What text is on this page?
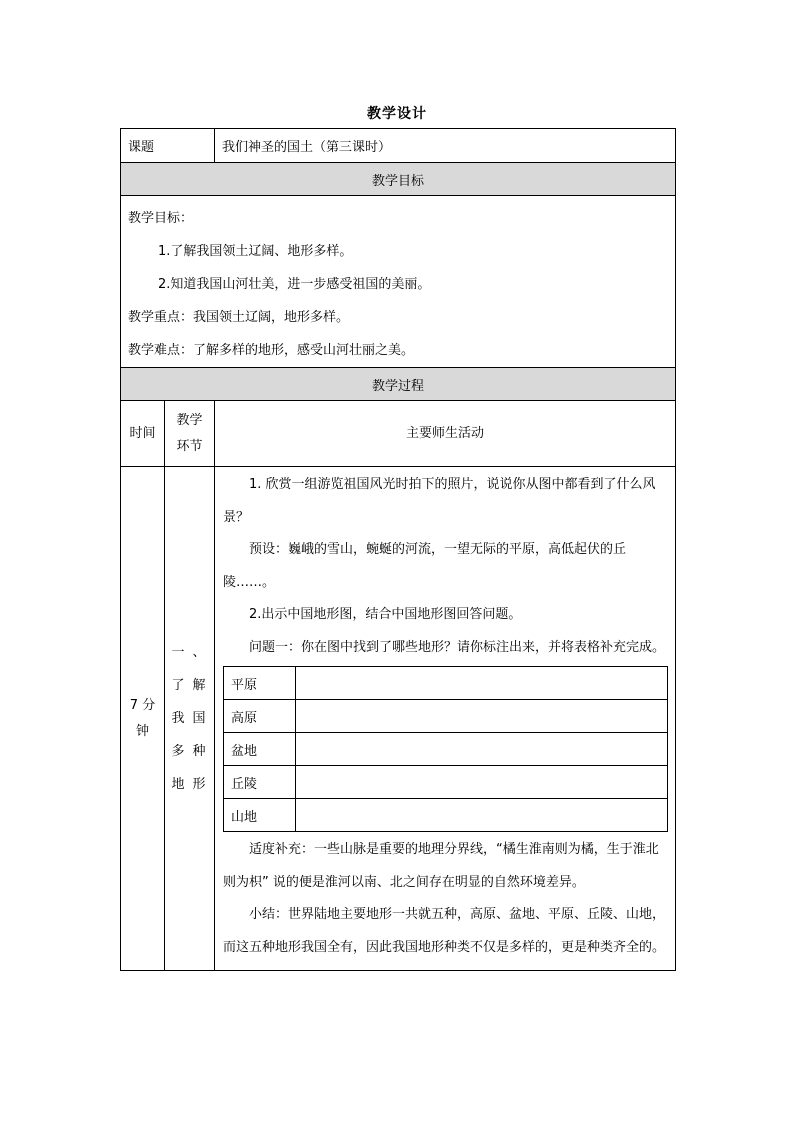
教学设计
课题	我们神圣的国土（第三课时）
教学目标

教学目标：

1.了解我国领土辽阔、地形多样。

2.知道我国山河壮美，进一步感受祖国的美丽。

教学重点：我国领土辽阔，地形多样。

教学难点：了解多样的地形，感受山河壮丽之美。

教学过程
时间	教学环节	主要师生活动
7 分钟	一、了解我国多种地形	

1. 欣赏一组游览祖国风光时拍下的照片，说说你从图中都看到了什么风景？

预设：巍峨的雪山，蜿蜒的河流，一望无际的平原，高低起伏的丘陵……。

2.出示中国地形图，结合中国地形图回答问题。

问题一：你在图中找到了哪些地形？请你标注出来，并将表格补充完成。

平原	
高原	
盆地	
丘陵	
山地	

适度补充：一些山脉是重要的地理分界线，“橘生淮南则为橘，生于淮北则为枳” 说的便是淮河以南、北之间存在明显的自然环境差异。

小结：世界陆地主要地形一共就五种，高原、盆地、平原、丘陵、山地，而这五种地形我国全有，因此我国地形种类不仅是多样的，更是种类齐全的。
